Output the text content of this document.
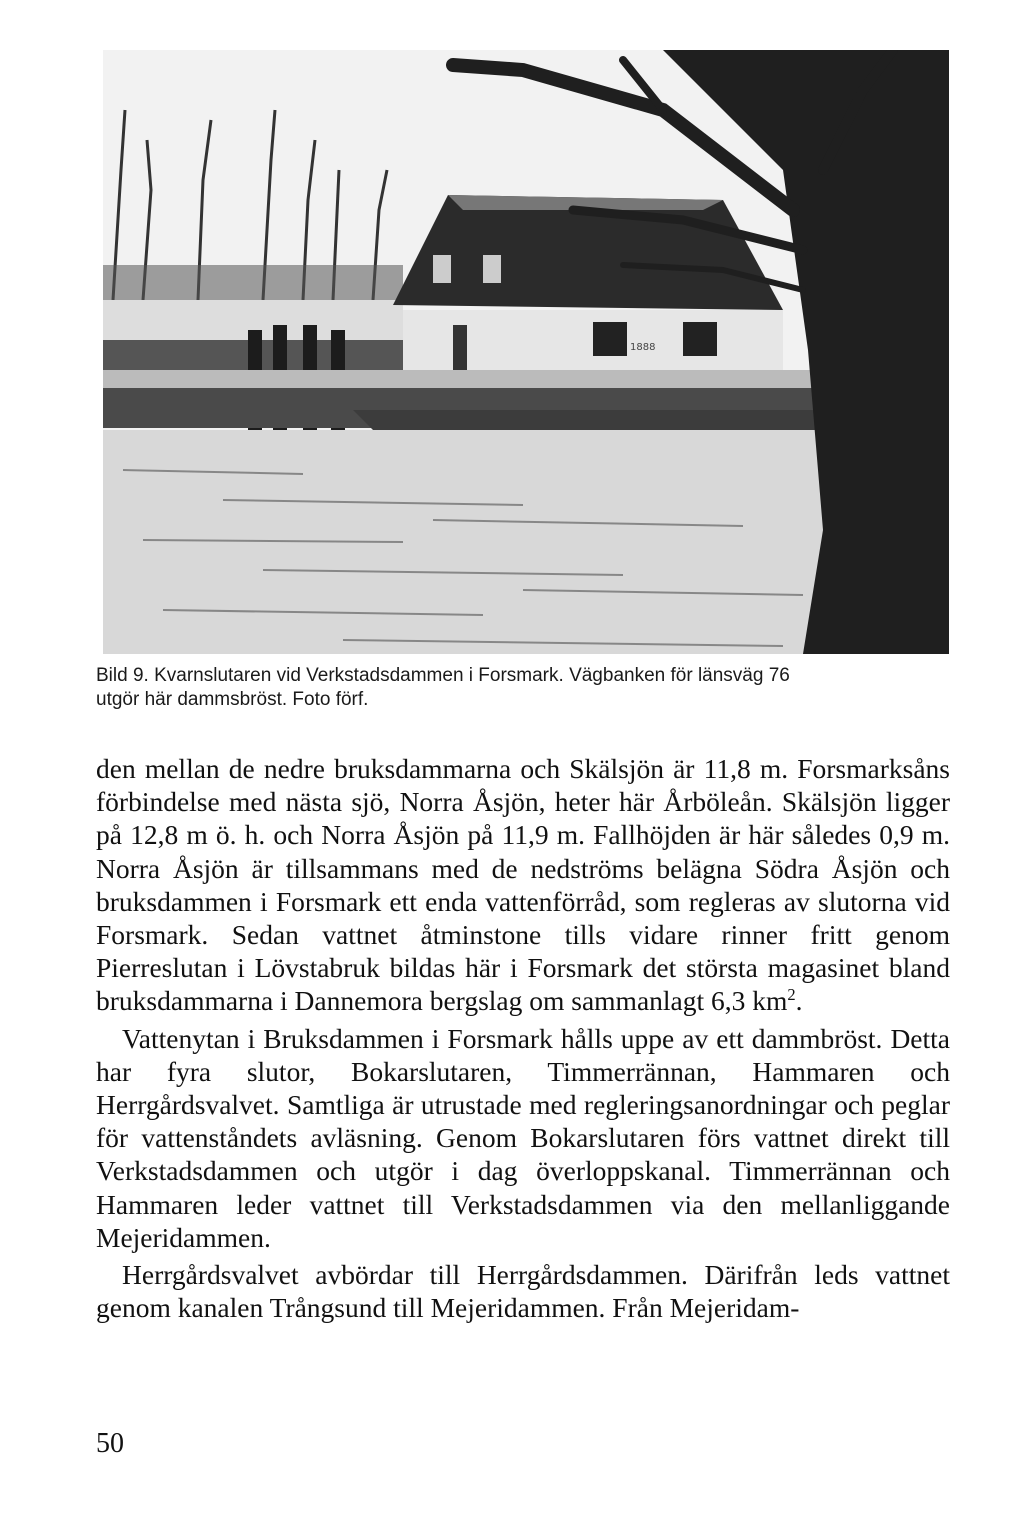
1888
Bild 9. Kvarnslutaren vid Verkstadsdammen i Forsmark. Vägbanken för länsväg 76
utgör här dammsbröst. Foto förf.

den mellan de nedre bruksdammarna och Skälsjön är 11,8 m. Forsmarksåns förbindelse med nästa sjö, Norra Åsjön, heter här Årböleån. Skälsjön ligger på 12,8 m ö. h. och Norra Åsjön på 11,9 m. Fallhöjden är här således 0,9 m. Norra Åsjön är tillsammans med de nedströms belägna Södra Åsjön och bruksdammen i Forsmark ett enda vattenförråd, som regleras av slutorna vid Forsmark. Sedan vattnet åtminstone tills vidare rinner fritt genom Pierreslutan i Lövstabruk bildas här i Forsmark det största magasinet bland bruksdammarna i Dannemora bergslag om sammanlagt 6,3 $km^2$.

Vattenytan i Bruksdammen i Forsmark hålls uppe av ett dammbröst. Detta har fyra slutor, Bokarslutaren, Timmerrännan, Hammaren och Herrgårdsvalvet. Samtliga är utrustade med regleringsanordningar och peglar för vattenståndets avläsning. Genom Bokarslutaren förs vattnet direkt till Verkstadsdammen och utgör i dag överloppskanal. Timmerrännan och Hammaren leder vattnet till Verkstadsdammen via den mellanliggande Mejeridammen.

Herrgårdsvalvet avbördar till Herrgårdsdammen. Därifrån leds vattnet genom kanalen Trångsund till Mejeridammen. Från Mejeridam-

50
